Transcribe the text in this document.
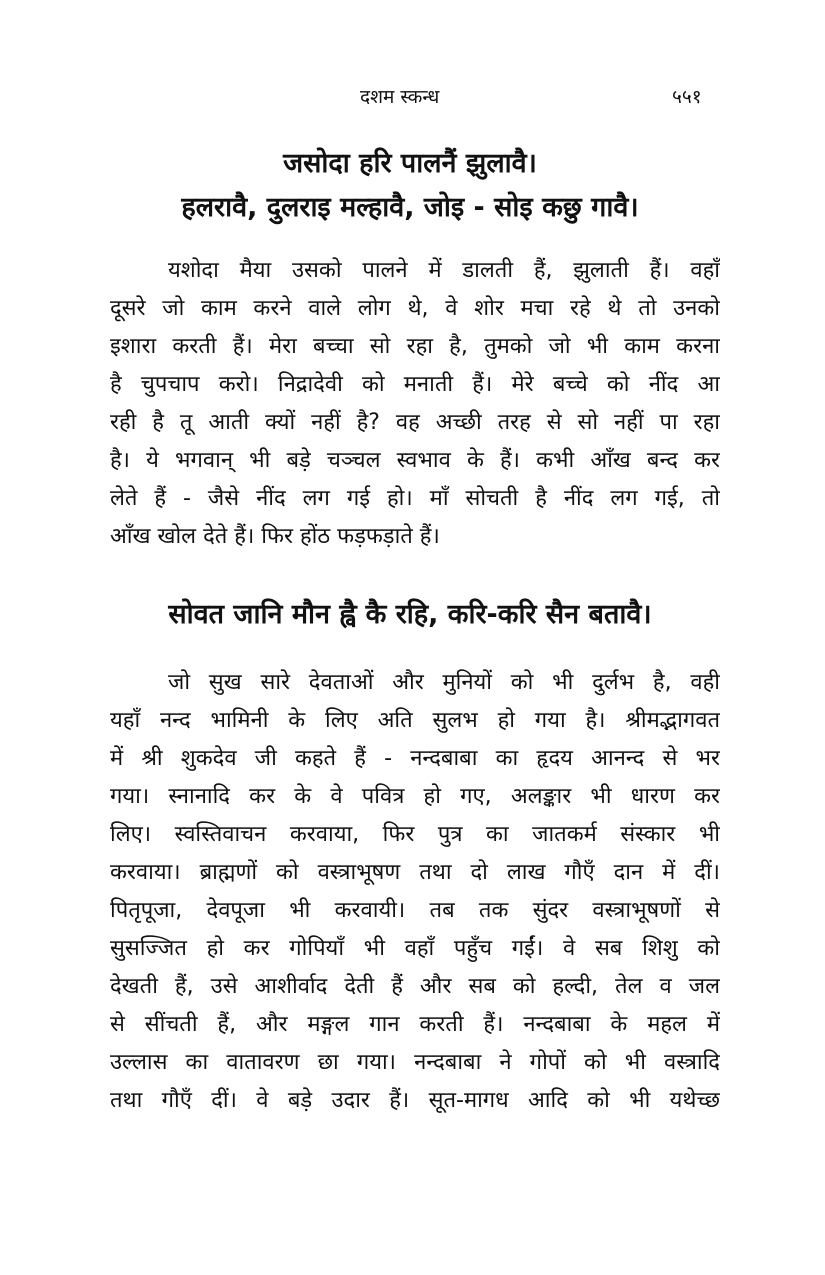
दशम स्कन्ध	५५१
जसोदा हरि पालनैं झुलावै।
हलरावै, दुलराइ मल्हावै, जोइ - सोइ कछु गावै।
यशोदा मैया उसको पालने में डालती हैं, झुलाती हैं। वहाँ
दूसरे जो काम करने वाले लोग थे, वे शोर मचा रहे थे तो उनको
इशारा करती हैं। मेरा बच्चा सो रहा है, तुमको जो भी काम करना
है चुपचाप करो। निद्रादेवी को मनाती हैं। मेरे बच्चे को नींद आ
रही है तू आती क्यों नहीं है? वह अच्छी तरह से सो नहीं पा रहा
है। ये भगवान् भी बड़े चञ्चल स्वभाव के हैं। कभी आँख बन्द कर
लेते हैं - जैसे नींद लग गई हो। माँ सोचती है नींद लग गई, तो
आँख खोल देते हैं। फिर होंठ फड़फड़ाते हैं।
सोवत जानि मौन ह्वै कै रहि, करि-करि सैन बतावै।
जो सुख सारे देवताओं और मुनियों को भी दुर्लभ है, वही
यहाँ नन्द भामिनी के लिए अति सुलभ हो गया है। श्रीमद्भागवत
में श्री शुकदेव जी कहते हैं - नन्दबाबा का हृदय आनन्द से भर
गया। स्नानादि कर के वे पवित्र हो गए, अलङ्कार भी धारण कर
लिए। स्वस्तिवाचन करवाया, फिर पुत्र का जातकर्म संस्कार भी
करवाया। ब्राह्मणों को वस्त्राभूषण तथा दो लाख गौएँ दान में दीं।
पितृपूजा, देवपूजा भी करवायी। तब तक सुंदर वस्त्राभूषणों से
सुसज्जित हो कर गोपियाँ भी वहाँ पहुँच गईं। वे सब शिशु को
देखती हैं, उसे आशीर्वाद देती हैं और सब को हल्दी, तेल व जल
से सींचती हैं, और मङ्गल गान करती हैं। नन्दबाबा के महल में
उल्लास का वातावरण छा गया। नन्दबाबा ने गोपों को भी वस्त्रादि
तथा गौएँ दीं। वे बड़े उदार हैं। सूत-मागध आदि को भी यथेच्छ
